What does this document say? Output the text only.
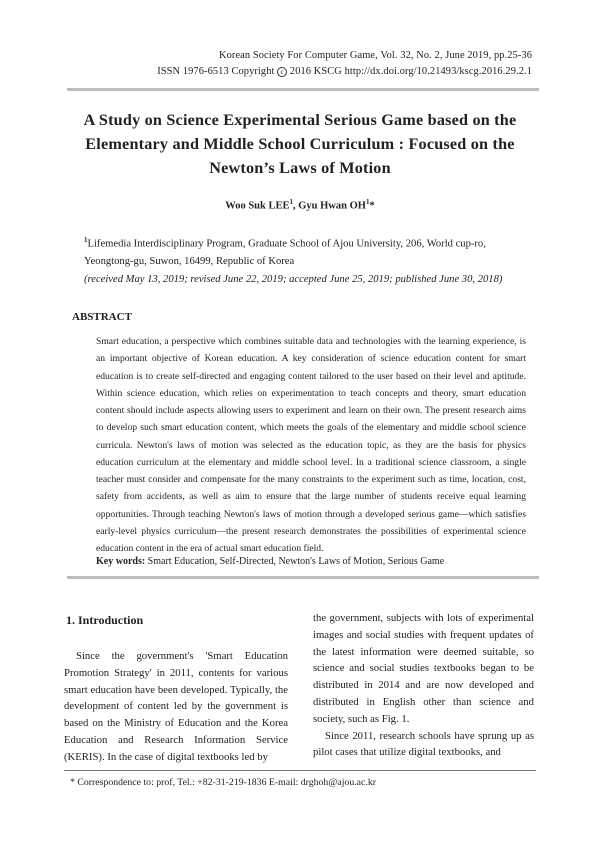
Korean Society For Computer Game, Vol. 32, No. 2, June 2019, pp.25-36
ISSN 1976-6513 Copyright c 2016 KSCG http://dx.doi.org/10.21493/kscg.2016.29.2.1
A Study on Science Experimental Serious Game based on the Elementary and Middle School Curriculum : Focused on the Newton’s Laws of Motion
Woo Suk LEE$^1$, Gyu Hwan $OH^1*$
$^1$Lifemedia Interdisciplinary Program, Graduate School of Ajou University, 206, World cup-ro, Yeongtong-gu, Suwon, 16499, Republic of Korea
(received May 13, 2019; revised June 22, 2019; accepted June 25, 2019; published June 30, 2018)
ABSTRACT
Smart education, a perspective which combines suitable data and technologies with the learning experience, is an important objective of Korean education. A key consideration of science education content for smart education is to create self-directed and engaging content tailored to the user based on their level and aptitude. Within science education, which relies on experimentation to teach concepts and theory, smart education content should include aspects allowing users to experiment and learn on their own. The present research aims to develop such smart education content, which meets the goals of the elementary and middle school science curricula. Newton's laws of motion was selected as the education topic, as they are the basis for physics education curriculum at the elementary and middle school level. In a traditional science classroom, a single teacher must consider and compensate for the many constraints to the experiment such as time, location, cost, safety from accidents, as well as aim to ensure that the large number of students receive equal learning opportunities. Through teaching Newton's laws of motion through a developed serious game—which satisfies early-level physics curriculum—the present research demonstrates the possibilities of experimental science education content in the era of actual smart education field.
Key words: Smart Education, Self-Directed, Newton's Laws of Motion, Serious Game
1. Introduction

Since the government's 'Smart Education Promotion Strategy' in 2011, contents for various smart education have been developed. Typically, the development of content led by the government is based on the Ministry of Education and the Korea Education and Research Information Service (KERIS). In the case of digital textbooks led by

the government, subjects with lots of experimental images and social studies with frequent updates of the latest information were deemed suitable, so science and social studies textbooks began to be distributed in 2014 and are now developed and distributed in English other than science and society, such as Fig. 1.

Since 2011, research schools have sprung up as pilot cases that utilize digital textbooks, and

* Correspondence to: prof, Tel.: +82-31-219-1836 E-mail: drghoh@ajou.ac.kr
